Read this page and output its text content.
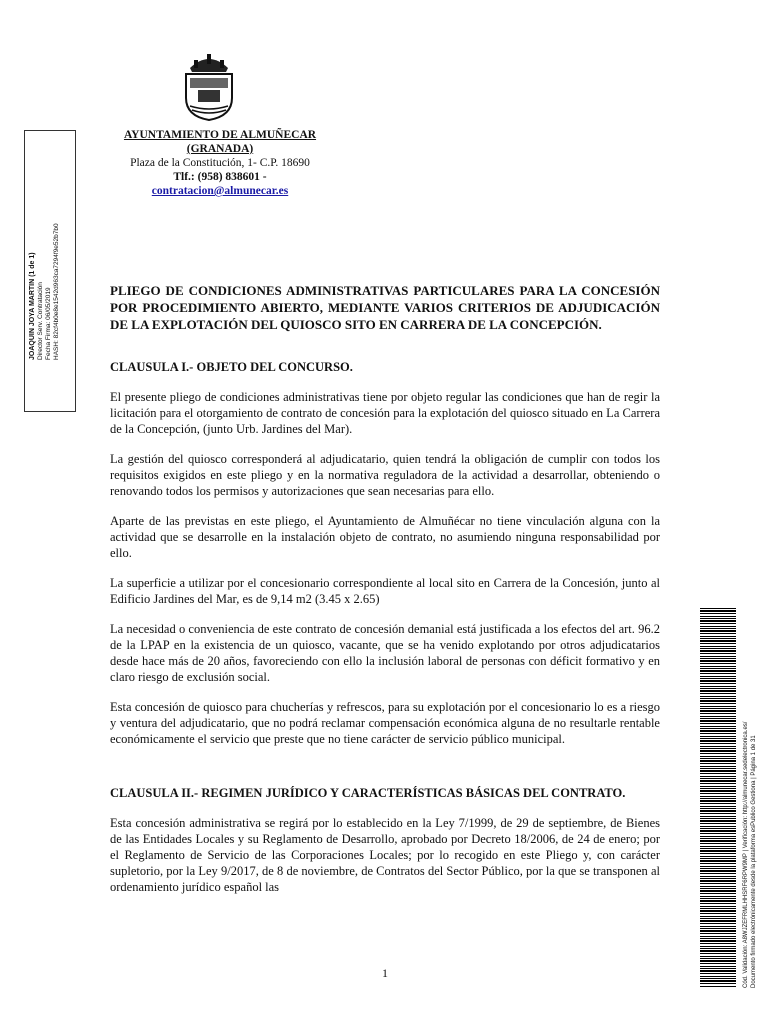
AYUNTAMIENTO DE ALMUÑECAR
(GRANADA)
Plaza de la Constitución, 1- C.P. 18690
Tlf.: (958) 838601 -
contratacion@almunecar.es
JOAQUIN JOYA MARTIN (1 de 1) Director Serv. Contratación Fecha Firma: 06/05/2019 HASH: 82cf4b0e8e1542d963ca7294f9e52b7b0
Cód. Validación: A8WJZEFRMLHHSRF6RPW9MP | Verificación: http://almunecar.sedelectronica.es/ Documento firmado electrónicamente desde la plataforma esPublico Gestiona | Página 1 de 31
PLIEGO DE CONDICIONES ADMINISTRATIVAS PARTICULARES PARA LA CONCESIÓN POR PROCEDIMIENTO ABIERTO, MEDIANTE VARIOS CRITERIOS DE ADJUDICACIÓN DE LA EXPLOTACIÓN DEL QUIOSCO SITO EN CARRERA DE LA CONCEPCIÓN.
CLAUSULA I.- OBJETO DEL CONCURSO.

El presente pliego de condiciones administrativas tiene por objeto regular las condiciones que han de regir la licitación para el otorgamiento de contrato de concesión para la explotación del quiosco situado en La Carrera de la Concepción, (junto Urb. Jardines del Mar).

La gestión del quiosco corresponderá al adjudicatario, quien tendrá la obligación de cumplir con todos los requisitos exigidos en este pliego y en la normativa reguladora de la actividad a desarrollar, obteniendo o renovando todos los permisos y autorizaciones que sean necesarias para ello.

Aparte de las previstas en este pliego, el Ayuntamiento de Almuñécar no tiene vinculación alguna con la actividad que se desarrolle en la instalación objeto de contrato, no asumiendo ninguna responsabilidad por ello.

La superficie a utilizar por el concesionario correspondiente al local sito en Carrera de la Concesión, junto al Edificio Jardines del Mar, es de 9,14 m2 (3.45 x 2.65)

La necesidad o conveniencia de este contrato de concesión demanial está justificada a los efectos del art. 96.2 de la LPAP en la existencia de un quiosco, vacante, que se ha venido explotando por otros adjudicatarios desde hace más de 20 años, favoreciendo con ello la inclusión laboral de personas con déficit formativo y en claro riesgo de exclusión social.

Esta concesión de quiosco para chucherías y refrescos, para su explotación por el concesionario lo es a riesgo y ventura del adjudicatario, que no podrá reclamar compensación económica alguna de no resultarle rentable económicamente el servicio que preste que no tiene carácter de servicio público municipal.

CLAUSULA II.- REGIMEN JURÍDICO Y CARACTERÍSTICAS BÁSICAS DEL CONTRATO.

Esta concesión administrativa se regirá por lo establecido en la Ley 7/1999, de 29 de septiembre, de Bienes de las Entidades Locales y su Reglamento de Desarrollo, aprobado por Decreto 18/2006, de 24 de enero; por el Reglamento de Servicio de las Corporaciones Locales; por lo recogido en este Pliego y, con carácter supletorio, por la Ley 9/2017, de 8 de noviembre, de Contratos del Sector Público, por la que se transponen al ordenamiento jurídico español las

1
